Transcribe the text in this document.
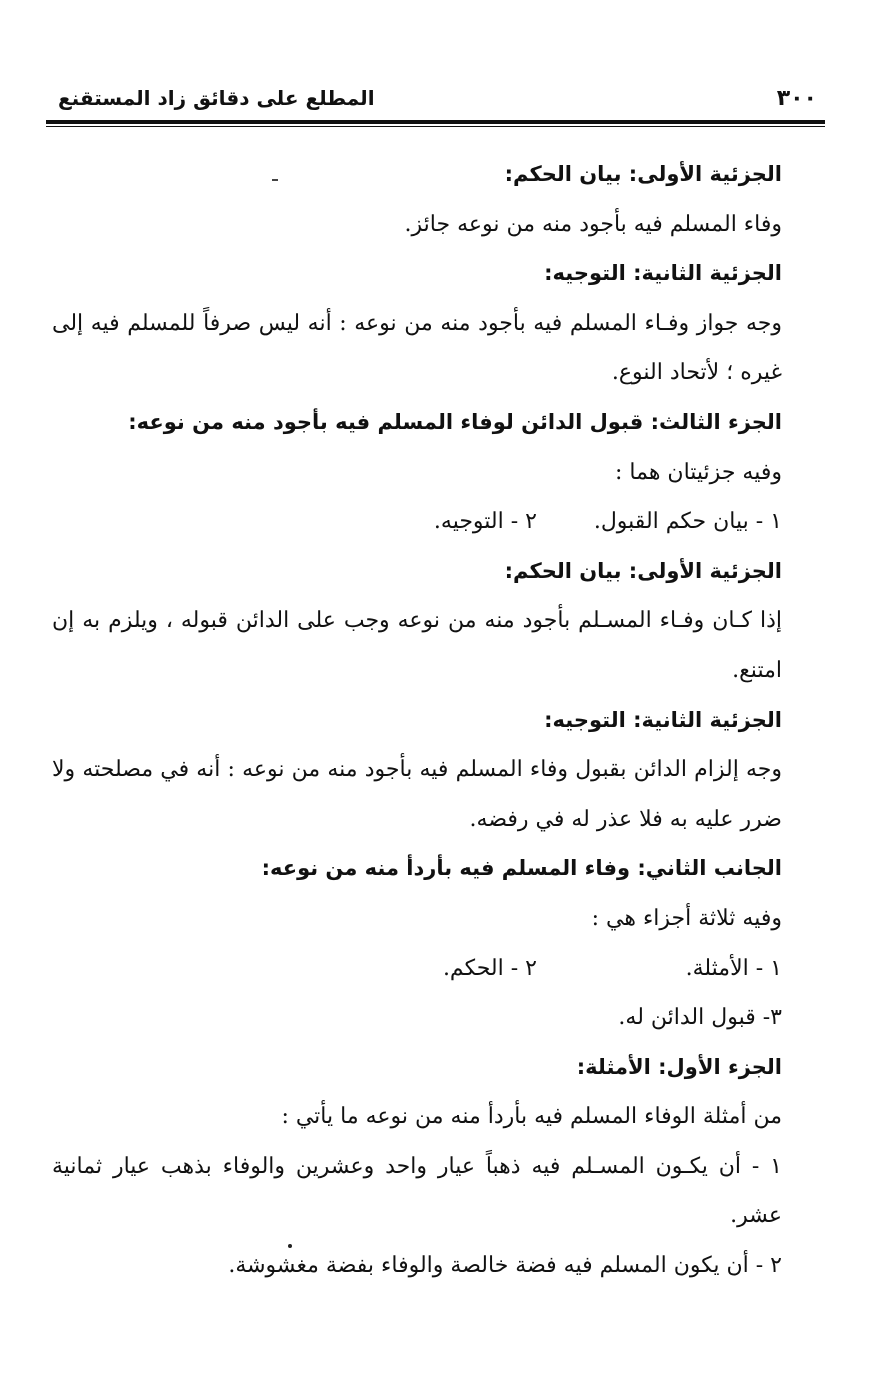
٣٠٠
المطلع على دقائق زاد المستقنع

الجزئية الأولى: بيان الحكم:

وفاء المسلم فيه بأجود منه من نوعه جائز.

الجزئية الثانية: التوجيه:

وجه جواز وفـاء المسلم فيه بأجود منه من نوعه : أنه ليس صرفاً للمسلم فيه إلى غيره ؛ لأتحاد النوع.

الجزء الثالث: قبول الدائن لوفاء المسلم فيه بأجود منه من نوعه:

وفيه جزئيتان هما :

١ - بيان حكم القبول.
٢ - التوجيه.

الجزئية الأولى: بيان الحكم:

إذا كـان وفـاء المسـلم بأجود منه من نوعه وجب على الدائن قبوله ، ويلزم به إن امتنع.

الجزئية الثانية: التوجيه:

وجه إلزام الدائن بقبول وفاء المسلم فيه بأجود منه من نوعه : أنه في مصلحته ولا ضرر عليه به فلا عذر له في رفضه.

الجانب الثاني: وفاء المسلم فيه بأردأ منه من نوعه:

وفيه ثلاثة أجزاء هي :

١ - الأمثلة.
٢ - الحكم.

٣- قبول الدائن له.

الجزء الأول: الأمثلة:

من أمثلة الوفاء المسلم فيه بأردأ منه من نوعه ما يأتي :

١ - أن يكـون المسـلم فيه ذهباً عيار واحد وعشرين والوفاء بذهب عيار ثمانية عشر.

٢ - أن يكون المسلم فيه فضة خالصة والوفاء بفضة مغشوشة.
